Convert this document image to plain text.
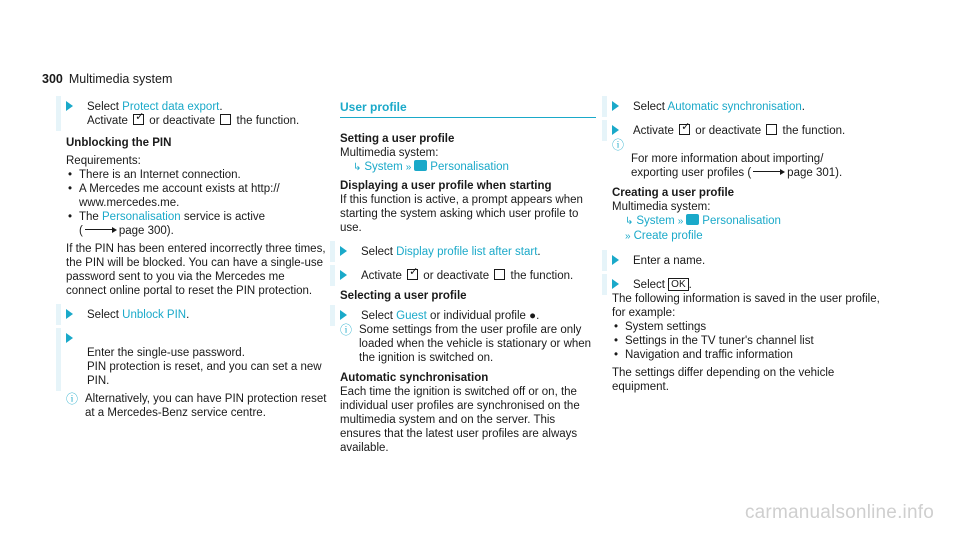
300 Multimedia system
Select Protect data export.
Activate ✓ or deactivate  the function.
Unblocking the PIN
Requirements:
• There is an Internet connection.
• A Mercedes me account exists at http://
www.mercedes.me.
• The Personalisation service is active
(	page 300).
If the PIN has been entered incorrectly three times, the PIN will be blocked. You can have a single-use password sent to you via the Mercedes me connect online portal to reset the PIN protection.
Select Unblock PIN.

Enter the single-use password.
PIN protection is reset, and you can set a new PIN.

ⓘ Alternatively, you can have PIN protection reset at a Mercedes-Benz service centre.
User profile
Setting a user profile
Multimedia system:
↳ System » Personalisation
Displaying a user profile when starting
If this function is active, a prompt appears when starting the system asking which user profile to use.
Select Display profile list after start.
Activate ✓ or deactivate  the function.
Selecting a user profile
Select Guest or individual profile ●.
ⓘ Some settings from the user profile are only loaded when the vehicle is stationary or when the ignition is switched on.
Automatic synchronisation
Each time the ignition is switched off or on, the individual user profiles are synchronised on the multimedia system and on the server. This ensures that the latest user profiles are always available.
Select Automatic synchronisation.
Activate ✓ or deactivate  the function.

ⓘ
For more information about importing/
exporting user profiles (	page 301).

Creating a user profile
Multimedia system:
↳ System » Personalisation
» Create profile
Enter a name.
Select OK .
The following information is saved in the user profile, for example:
• System settings
• Settings in the TV tuner's channel list
• Navigation and traffic information
The settings differ depending on the vehicle equipment.
carmanualsonline.info
